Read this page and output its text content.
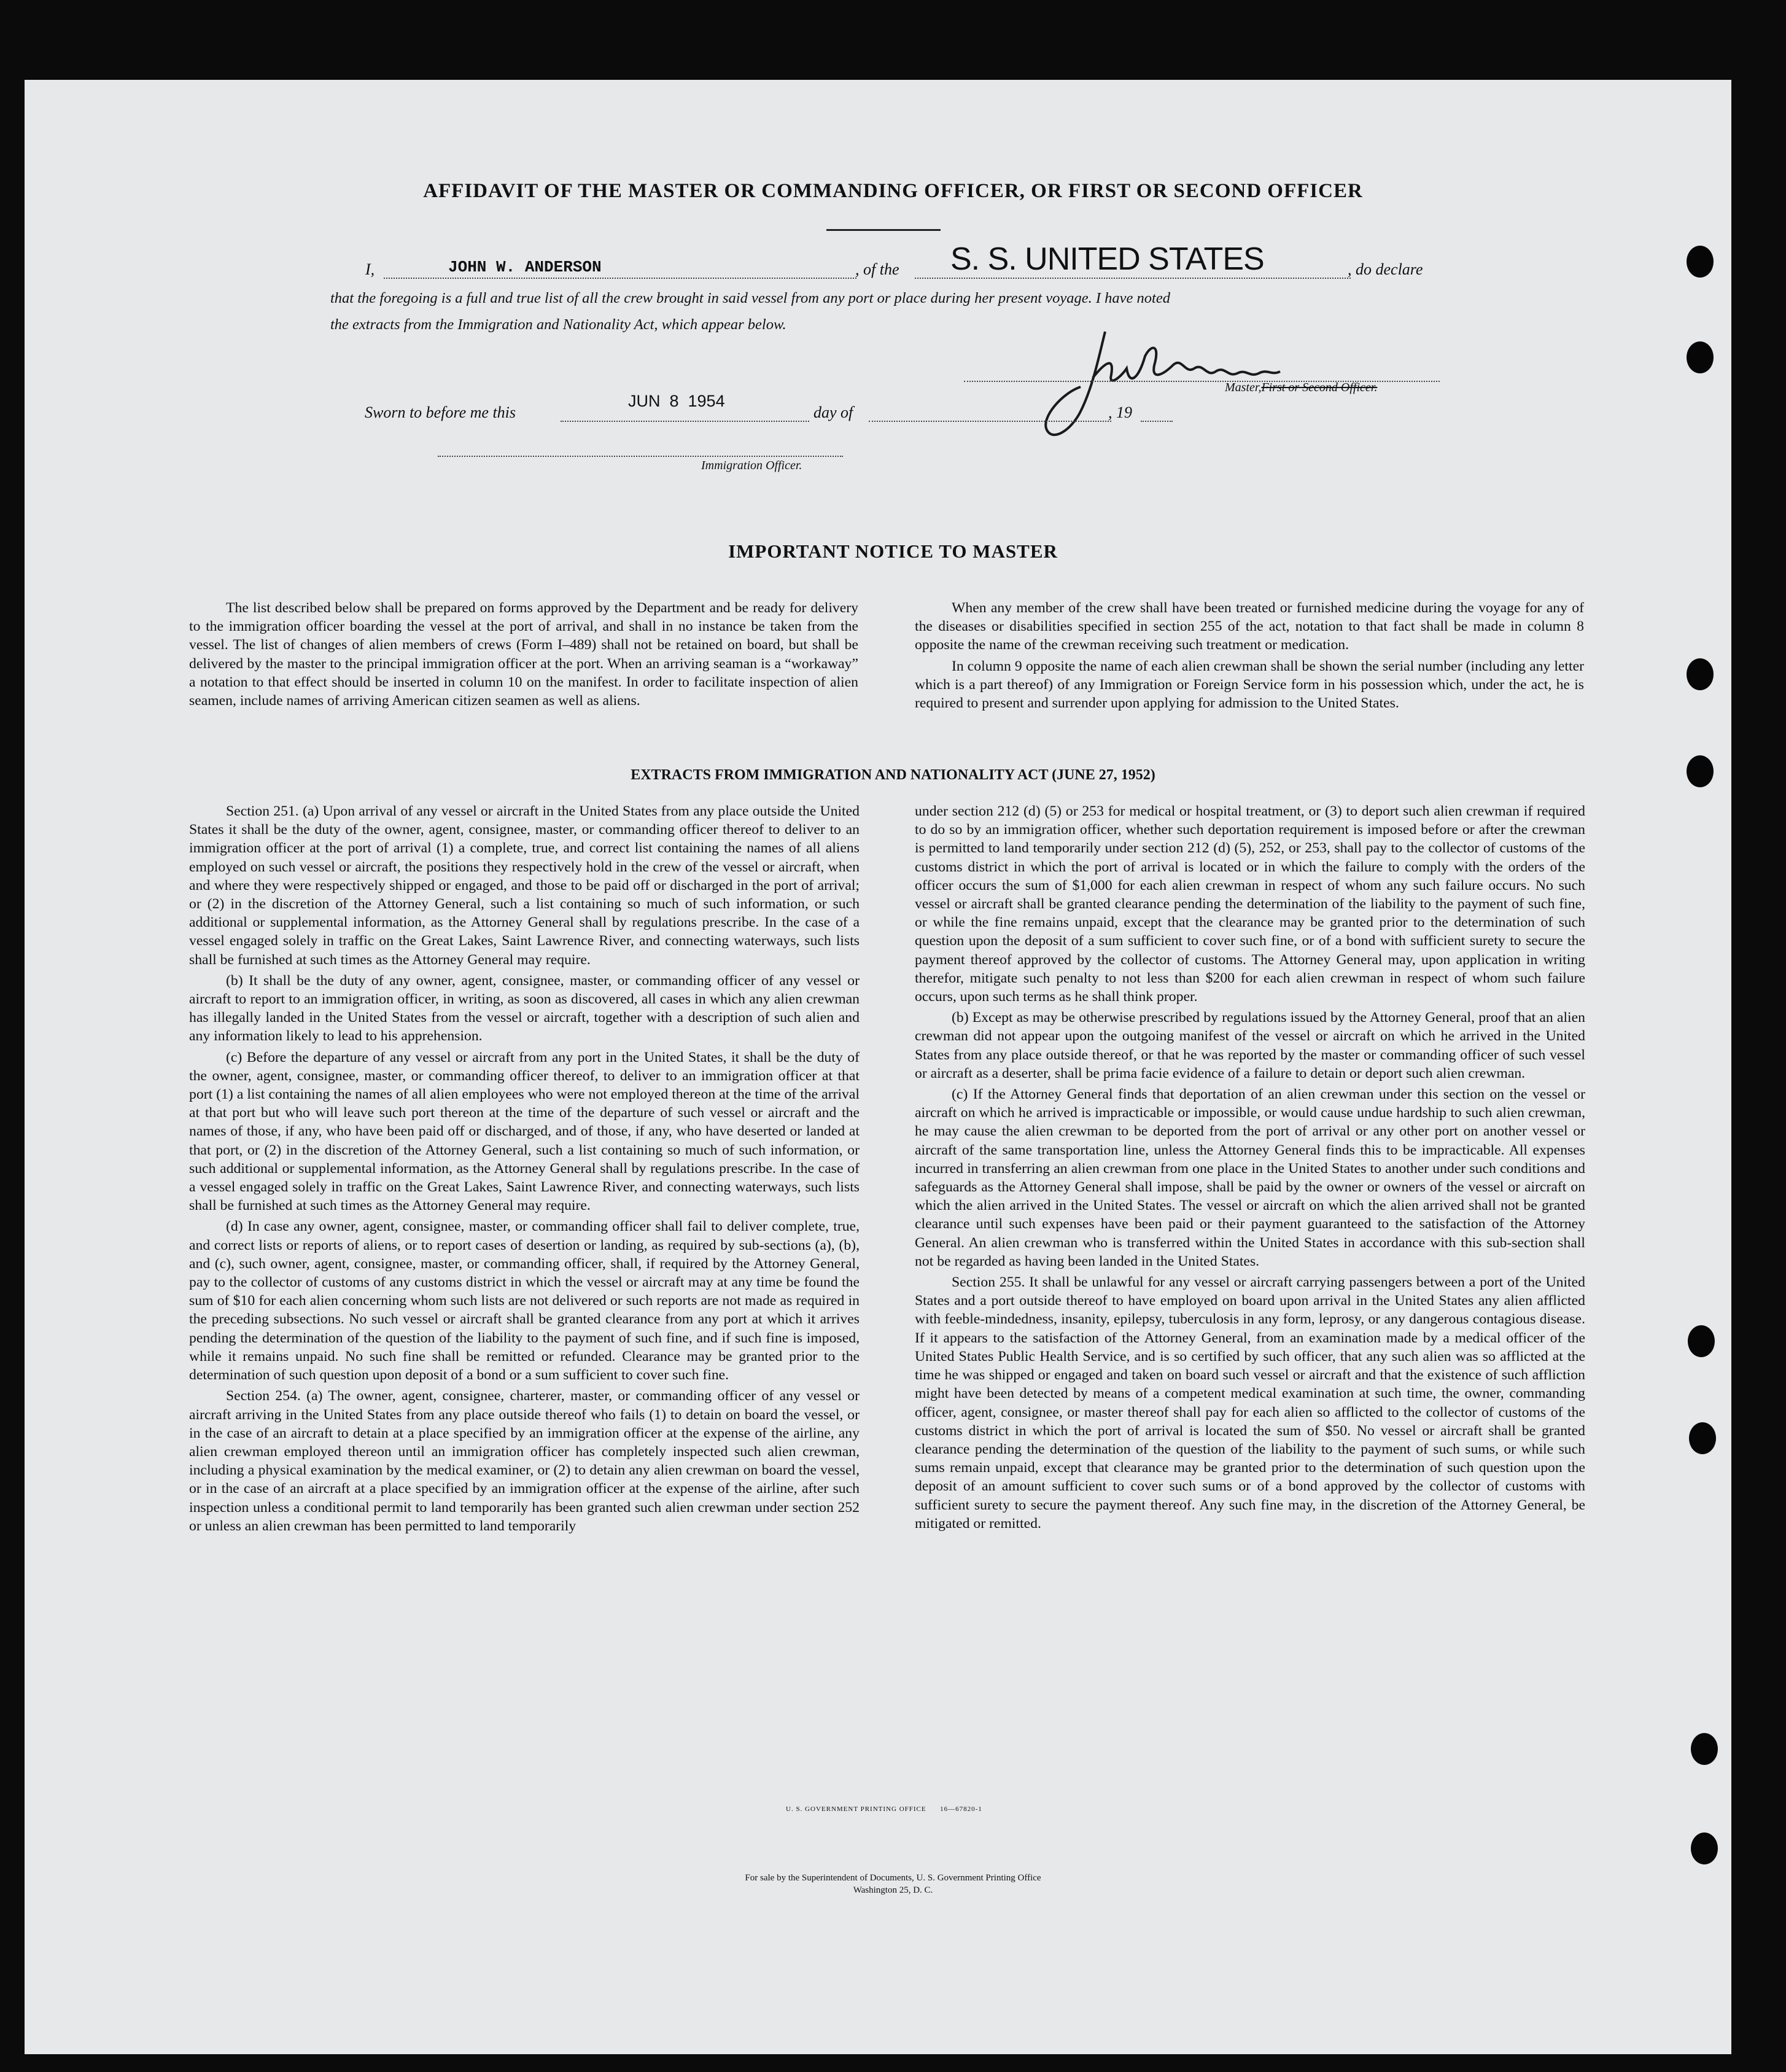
AFFIDAVIT OF THE MASTER OR COMMANDING OFFICER, OR FIRST OR SECOND OFFICER
I,	JOHN W. ANDERSON	, of the S. S. UNITED STATES	, do declare
that the foregoing is a full and true list of all the crew brought in said vessel from any port or place during her present voyage. I have noted
the extracts from the Immigration and Nationality Act, which appear below.
Master,First or Second Officer.
Sworn to before me this
JUN  8  1954
day of	, 19
Immigration Officer.
IMPORTANT NOTICE TO MASTER

The list described below shall be prepared on forms approved by the Department and be ready for delivery to the immigration officer boarding the vessel at the port of arrival, and shall in no instance be taken from the vessel. The list of changes of alien members of crews (Form I–489) shall not be retained on board, but shall be delivered by the master to the principal immigration officer at the port. When an arriving seaman is a “workaway” a notation to that effect should be inserted in column 10 on the manifest. In order to facilitate inspection of alien seamen, include names of arriving American citizen seamen as well as aliens.

When any member of the crew shall have been treated or furnished medicine during the voyage for any of the diseases or disabilities specified in section 255 of the act, notation to that fact shall be made in column 8 opposite the name of the crewman receiving such treatment or medication.

In column 9 opposite the name of each alien crewman shall be shown the serial number (including any letter which is a part thereof) of any Immigration or Foreign Service form in his possession which, under the act, he is required to present and surrender upon applying for admission to the United States.

EXTRACTS FROM IMMIGRATION AND NATIONALITY ACT (JUNE 27, 1952)

Section 251. (a) Upon arrival of any vessel or aircraft in the United States from any place outside the United States it shall be the duty of the owner, agent, consignee, master, or commanding officer thereof to deliver to an immigration officer at the port of arrival (1) a complete, true, and correct list containing the names of all aliens employed on such vessel or aircraft, the positions they respectively hold in the crew of the vessel or aircraft, when and where they were respectively shipped or engaged, and those to be paid off or discharged in the port of arrival; or (2) in the discretion of the Attorney General, such a list containing so much of such information, or such additional or supplemental information, as the Attorney General shall by regulations prescribe. In the case of a vessel engaged solely in traffic on the Great Lakes, Saint Lawrence River, and connecting waterways, such lists shall be furnished at such times as the Attorney General may require.

(b) It shall be the duty of any owner, agent, consignee, master, or commanding officer of any vessel or aircraft to report to an immigration officer, in writing, as soon as discovered, all cases in which any alien crewman has illegally landed in the United States from the vessel or aircraft, together with a description of such alien and any information likely to lead to his apprehension.

(c) Before the departure of any vessel or aircraft from any port in the United States, it shall be the duty of the owner, agent, consignee, master, or commanding officer thereof, to deliver to an immigration officer at that port (1) a list containing the names of all alien employees who were not employed thereon at the time of the arrival at that port but who will leave such port thereon at the time of the departure of such vessel or aircraft and the names of those, if any, who have been paid off or discharged, and of those, if any, who have deserted or landed at that port, or (2) in the discretion of the Attorney General, such a list containing so much of such information, or such additional or supplemental information, as the Attorney General shall by regulations prescribe. In the case of a vessel engaged solely in traffic on the Great Lakes, Saint Lawrence River, and connecting waterways, such lists shall be furnished at such times as the Attorney General may require.

(d) In case any owner, agent, consignee, master, or commanding officer shall fail to deliver complete, true, and correct lists or reports of aliens, or to report cases of desertion or landing, as required by sub-sections (a), (b), and (c), such owner, agent, consignee, master, or commanding officer, shall, if required by the Attorney General, pay to the collector of customs of any customs district in which the vessel or aircraft may at any time be found the sum of $10 for each alien concerning whom such lists are not delivered or such reports are not made as required in the preceding subsections. No such vessel or aircraft shall be granted clearance from any port at which it arrives pending the determination of the question of the liability to the payment of such fine, and if such fine is imposed, while it remains unpaid. No such fine shall be remitted or refunded. Clearance may be granted prior to the determination of such question upon deposit of a bond or a sum sufficient to cover such fine.

Section 254. (a) The owner, agent, consignee, charterer, master, or commanding officer of any vessel or aircraft arriving in the United States from any place outside thereof who fails (1) to detain on board the vessel, or in the case of an aircraft to detain at a place specified by an immigration officer at the expense of the airline, any alien crewman employed thereon until an immigration officer has completely inspected such alien crewman, including a physical examination by the medical examiner, or (2) to detain any alien crewman on board the vessel, or in the case of an aircraft at a place specified by an immigration officer at the expense of the airline, after such inspection unless a conditional permit to land temporarily has been granted such alien crewman under section 252 or unless an alien crewman has been permitted to land temporarily

under section 212 (d) (5) or 253 for medical or hospital treatment, or (3) to deport such alien crewman if required to do so by an immigration officer, whether such deportation requirement is imposed before or after the crewman is permitted to land temporarily under section 212 (d) (5), 252, or 253, shall pay to the collector of customs of the customs district in which the port of arrival is located or in which the failure to comply with the orders of the officer occurs the sum of $1,000 for each alien crewman in respect of whom any such failure occurs. No such vessel or aircraft shall be granted clearance pending the determination of the liability to the payment of such fine, or while the fine remains unpaid, except that the clearance may be granted prior to the determination of such question upon the deposit of a sum sufficient to cover such fine, or of a bond with sufficient surety to secure the payment thereof approved by the collector of customs. The Attorney General may, upon application in writing therefor, mitigate such penalty to not less than $200 for each alien crewman in respect of whom such failure occurs, upon such terms as he shall think proper.

(b) Except as may be otherwise prescribed by regulations issued by the Attorney General, proof that an alien crewman did not appear upon the outgoing manifest of the vessel or aircraft on which he arrived in the United States from any place outside thereof, or that he was reported by the master or commanding officer of such vessel or aircraft as a deserter, shall be prima facie evidence of a failure to detain or deport such alien crewman.

(c) If the Attorney General finds that deportation of an alien crewman under this section on the vessel or aircraft on which he arrived is impracticable or impossible, or would cause undue hardship to such alien crewman, he may cause the alien crewman to be deported from the port of arrival or any other port on another vessel or aircraft of the same transportation line, unless the Attorney General finds this to be impracticable. All expenses incurred in transferring an alien crewman from one place in the United States to another under such conditions and safeguards as the Attorney General shall impose, shall be paid by the owner or owners of the vessel or aircraft on which the alien arrived in the United States. The vessel or aircraft on which the alien arrived shall not be granted clearance until such expenses have been paid or their payment guaranteed to the satisfaction of the Attorney General. An alien crewman who is transferred within the United States in accordance with this sub-section shall not be regarded as having been landed in the United States.

Section 255. It shall be unlawful for any vessel or aircraft carrying passengers between a port of the United States and a port outside thereof to have employed on board upon arrival in the United States any alien afflicted with feeble-mindedness, insanity, epilepsy, tuberculosis in any form, leprosy, or any dangerous contagious disease. If it appears to the satisfaction of the Attorney General, from an examination made by a medical officer of the United States Public Health Service, and is so certified by such officer, that any such alien was so afflicted at the time he was shipped or engaged and taken on board such vessel or aircraft and that the existence of such affliction might have been detected by means of a competent medical examination at such time, the owner, commanding officer, agent, consignee, or master thereof shall pay for each alien so afflicted to the collector of customs of the customs district in which the port of arrival is located the sum of $50. No vessel or aircraft shall be granted clearance pending the determination of the question of the liability to the payment of such sums, or while such sums remain unpaid, except that clearance may be granted prior to the determination of such question upon the deposit of an amount sufficient to cover such sums or of a bond approved by the collector of customs with sufficient surety to secure the payment thereof. Any such fine may, in the discretion of the Attorney General, be mitigated or remitted.

U. S. GOVERNMENT PRINTING OFFICE      16—67820-1
For sale by the Superintendent of Documents, U. S. Government Printing Office
Washington 25, D. C.
